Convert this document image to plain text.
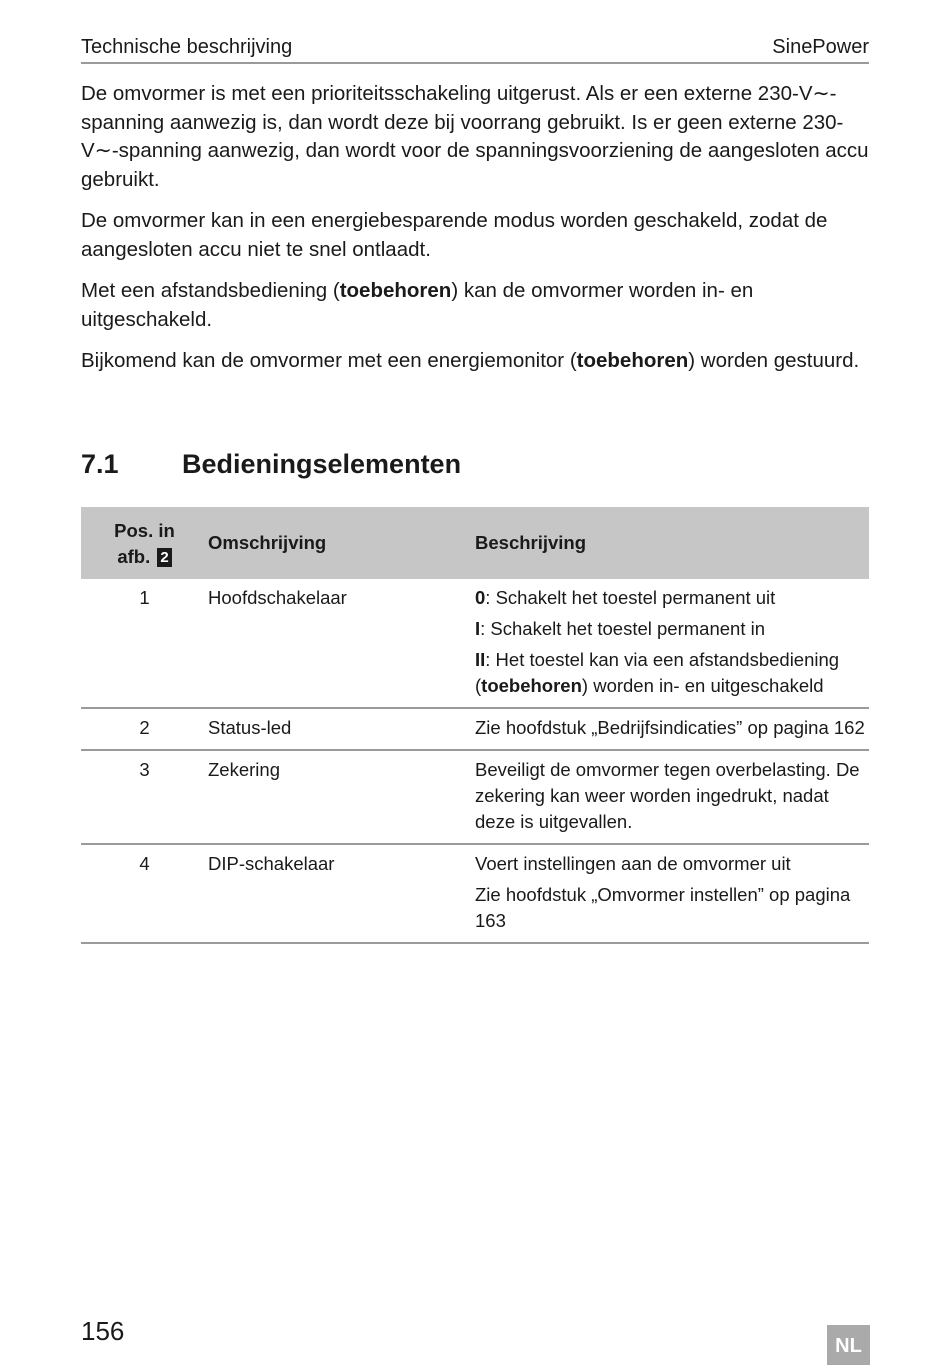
Technische beschrijving	SinePower

De omvormer is met een prioriteitsschakeling uitgerust. Als er een externe 230-V∼-spanning aanwezig is, dan wordt deze bij voorrang gebruikt. Is er geen externe 230-V∼-spanning aanwezig, dan wordt voor de spanningsvoorziening de aangesloten accu gebruikt.

De omvormer kan in een energiebesparende modus worden geschakeld, zodat de aangesloten accu niet te snel ontlaadt.

Met een afstandsbediening (toebehoren) kan de omvormer worden in- en uitgeschakeld.

Bijkomend kan de omvormer met een energiemonitor (toebehoren) worden gestuurd.

7.1 Bedieningselementen
Pos. in
afb. 2	Omschrijving	Beschrijving
1	Hoofdschakelaar	0: Schakelt het toestel permanent uit
I: Schakelt het toestel permanent in
II: Het toestel kan via een afstandsbediening (toebehoren) worden in- en uitgeschakeld

2	Status-led	Zie hoofdstuk „Bedrijfsindicaties” op pagina 162

3	Zekering	Beveiligt de omvormer tegen overbelasting. De zekering kan weer worden ingedrukt, nadat deze is uitgevallen.

4	DIP-schakelaar	Voert instellingen aan de omvormer uit
Zie hoofdstuk „Omvormer instellen” op pagina 163
156	NL
